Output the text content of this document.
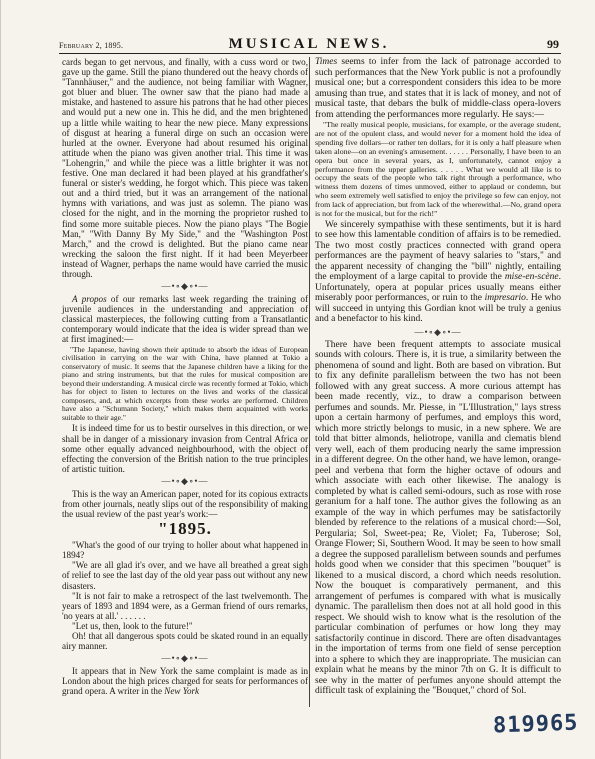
February 2, 1895.	MUSICAL NEWS.	99

cards began to get nervous, and finally, with a cuss word or two, gave up the game. Still the piano thundered out the heavy chords of "Tannhäuser," and the audience, not being familiar with Wagner, got bluer and bluer. The owner saw that the piano had made a mistake, and hastened to assure his patrons that he had other pieces and would put a new one in. This he did, and the men brightened up a little while waiting to hear the new piece. Many expressions of disgust at hearing a funeral dirge on such an occasion were hurled at the owner. Everyone had about resumed his original attitude when the piano was given another trial. This time it was "Lohengrin," and while the piece was a little brighter it was not festive. One man declared it had been played at his grandfather's funeral or sister's wedding, he forgot which. This piece was taken out and a third tried, but it was an arrangement of the national hymns with variations, and was just as solemn. The piano was closed for the night, and in the morning the proprietor rushed to find some more suitable pieces. Now the piano plays "The Bogie Man," "With Danny By My Side," and the "Washington Post March," and the crowd is delighted. But the piano came near wrecking the saloon the first night. If it had been Meyerbeer instead of Wagner, perhaps the name would have carried the music through.

—•∘◆∘•—

A propos of our remarks last week regarding the training of juvenile audiences in the understanding and appreciation of classical masterpieces, the following cutting from a Transatlantic contemporary would indicate that the idea is wider spread than we at first imagined:—

"The Japanese, having shown their aptitude to absorb the ideas of European civilisation in carrying on the war with China, have planned at Tokio a conservatory of music. It seems that the Japanese children have a liking for the piano and string instruments, but that the rules for musical composition are beyond their understanding. A musical circle was recently formed at Tokio, which has for object to listen to lectures on the lives and works of the classical composers, and, at which excerpts from these works are performed. Children have also a "Schumann Society," which makes them acquainted with works suitable to their age."

It is indeed time for us to bestir ourselves in this direction, or we shall be in danger of a missionary invasion from Central Africa or some other equally advanced neighbourhood, with the object of effecting the conversion of the British nation to the true principles of artistic tuition.

—•∘◆∘•—

This is the way an American paper, noted for its copious extracts from other journals, neatly slips out of the responsibility of making the usual review of the past year's work:—

"1895.

"What's the good of our trying to holler about what happened in 1894?

"We are all glad it's over, and we have all breathed a great sigh of relief to see the last day of the old year pass out without any new disasters.

"It is not fair to make a retrospect of the last twelvemonth. The years of 1893 and 1894 were, as a German friend of ours remarks, 'no years at all.' . . . . . .

"Let us, then, look to the future!"

Oh! that all dangerous spots could be skated round in an equally airy manner.

—•∘◆∘•—

It appears that in New York the same complaint is made as in London about the high prices charged for seats for performances of grand opera. A writer in the New York

Times seems to infer from the lack of patronage accorded to such performances that the New York public is not a profoundly musical one; but a correspondent considers this idea to be more amusing than true, and states that it is lack of money, and not of musical taste, that debars the bulk of middle-class opera-lovers from attending the performances more regularly. He says:—

"The really musical people, musicians, for example, or the average student, are not of the opulent class, and would never for a moment hold the idea of spending five dollars—or rather ten dollars, for it is only a half pleasure when taken alone—on an evening's amusement. . . . . . Personally, I have been to an opera but once in several years, as I, unfortunately, cannot enjoy a performance from the upper galleries. . . . . . What we would all like is to occupy the seats of the people who talk right through a performance, who witness them dozens of times unmoved, either to applaud or condemn, but who seem extremely well satisfied to enjoy the privilege so few can enjoy, not from lack of appreciation, but from lack of the wherewithal.—No, grand opera is not for the musical, but for the rich!"

We sincerely sympathise with these sentiments, but it is hard to see how this lamentable condition of affairs is to be remedied. The two most costly practices connected with grand opera performances are the payment of heavy salaries to "stars," and the apparent necessity of changing the "bill" nightly, entailing the employment of a large capital to provide the mise-en-scène. Unfortunately, opera at popular prices usually means either miserably poor performances, or ruin to the impresario. He who will succeed in untying this Gordian knot will be truly a genius and a benefactor to his kind.

—•∘◆∘•—

There have been frequent attempts to associate musical sounds with colours. There is, it is true, a similarity between the phenomena of sound and light. Both are based on vibration. But to fix any definite parallelism between the two has not been followed with any great success. A more curious attempt has been made recently, viz., to draw a comparison between perfumes and sounds. Mr. Piesse, in "L'Illustration," lays stress upon a certain harmony of perfumes, and employs this word, which more strictly belongs to music, in a new sphere. We are told that bitter almonds, heliotrope, vanilla and clematis blend very well, each of them producing nearly the same impression in a different degree. On the other hand, we have lemon, orange-peel and verbena that form the higher octave of odours and which associate with each other likewise. The analogy is completed by what is called semi-odours, such as rose with rose geranium for a half tone. The author gives the following as an example of the way in which perfumes may be satisfactorily blended by reference to the relations of a musical chord:—Sol, Pergularia; Sol, Sweet-pea; Re, Violet; Fa, Tuberose; Sol, Orange Flower; Si, Southern Wood. It may be seen to how small a degree the supposed parallelism between sounds and perfumes holds good when we consider that this specimen "bouquet" is likened to a musical discord, a chord which needs resolution. Now the bouquet is comparatively permanent, and this arrangement of perfumes is compared with what is musically dynamic. The parallelism then does not at all hold good in this respect. We should wish to know what is the resolution of the particular combination of perfumes or how long they may satisfactorily continue in discord. There are often disadvantages in the importation of terms from one field of sense perception into a sphere to which they are inappropriate. The musician can explain what he means by the minor 7th on G. It is difficult to see why in the matter of perfumes anyone should attempt the difficult task of explaining the "Bouquet," chord of Sol.

819965
